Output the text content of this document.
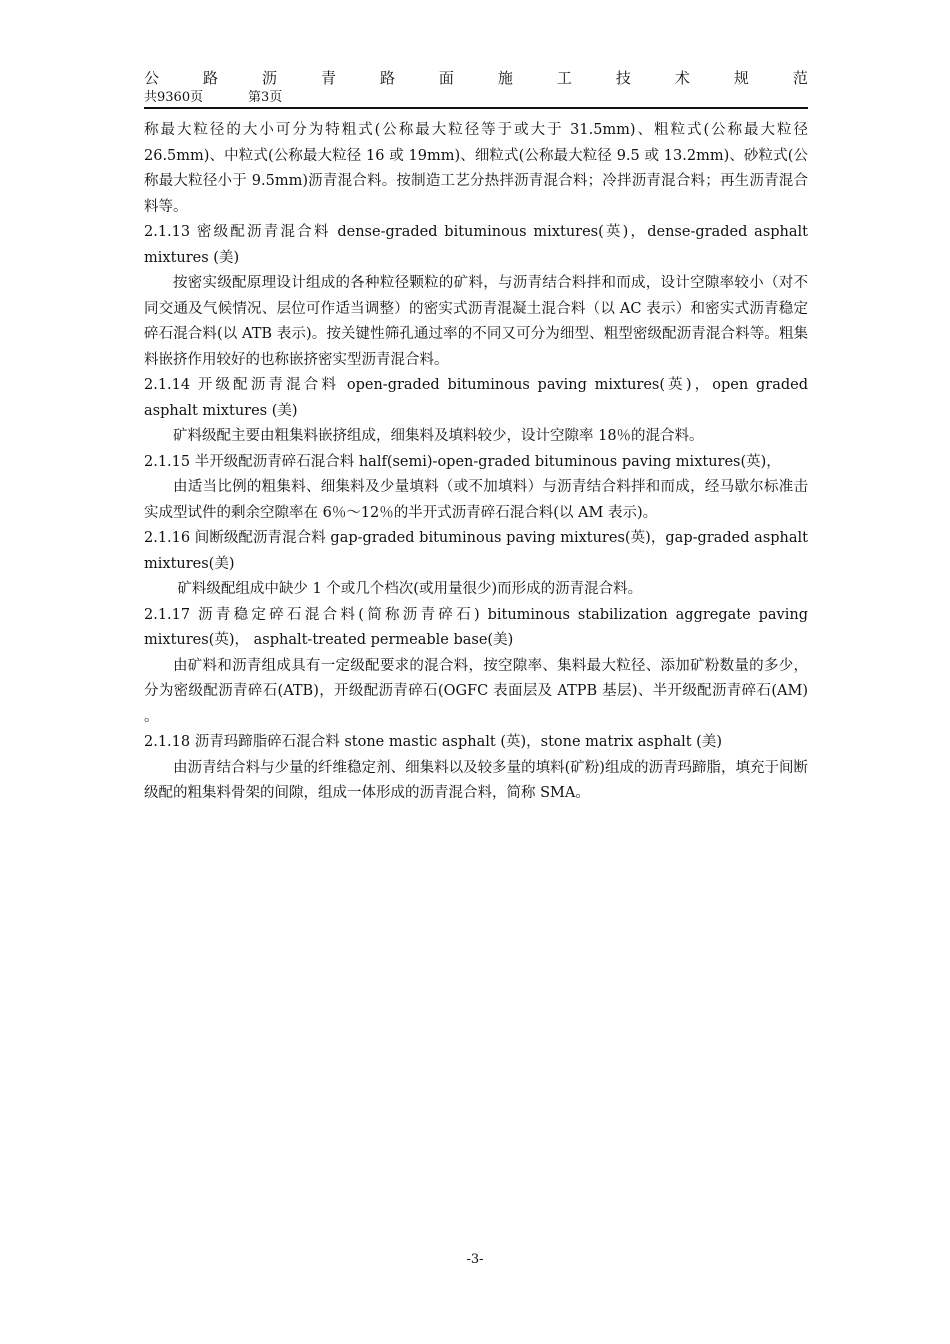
公	路	沥	青	路	面	施	工	技	术	规	范
共9360页	第3页

称最大粒径的大小可分为特粗式(公称最大粒径等于或大于 31.5mm)、粗粒式(公称最大粒径 26.5mm)、中粒式(公称最大粒径 16 或 19mm)、细粒式(公称最大粒径 9.5 或 13.2mm)、砂粒式(公称最大粒径小于 9.5mm)沥青混合料。按制造工艺分热拌沥青混合料；冷拌沥青混合料；再生沥青混合料等。

2.1.13 密级配沥青混合料 dense-graded bituminous mixtures(英)，dense-graded asphalt mixtures (美)

按密实级配原理设计组成的各种粒径颗粒的矿料，与沥青结合料拌和而成，设计空隙率较小（对不同交通及气候情况、层位可作适当调整）的密实式沥青混凝土混合料（以 AC 表示）和密实式沥青稳定碎石混合料(以 ATB 表示)。按关键性筛孔通过率的不同又可分为细型、粗型密级配沥青混合料等。粗集料嵌挤作用较好的也称嵌挤密实型沥青混合料。

2.1.14 开级配沥青混合料 open-graded bituminous paving mixtures(英)，open graded asphalt mixtures (美)

矿料级配主要由粗集料嵌挤组成，细集料及填料较少，设计空隙率 18％的混合料。

2.1.15 半开级配沥青碎石混合料 half(semi)-open-graded bituminous paving mixtures(英)，

由适当比例的粗集料、细集料及少量填料（或不加填料）与沥青结合料拌和而成，经马歇尔标准击实成型试件的剩余空隙率在 6％～12％的半开式沥青碎石混合料(以 AM 表示)。

2.1.16 间断级配沥青混合料 gap-graded bituminous paving mixtures(英)，gap-graded asphalt mixtures(美)

矿料级配组成中缺少 1 个或几个档次(或用量很少)而形成的沥青混合料。

2.1.17 沥青稳定碎石混合料(简称沥青碎石) bituminous stabilization aggregate paving mixtures(英)， asphalt-treated permeable base(美)

由矿料和沥青组成具有一定级配要求的混合料，按空隙率、集料最大粒径、添加矿粉数量的多少，分为密级配沥青碎石(ATB)，开级配沥青碎石(OGFC 表面层及 ATPB 基层)、半开级配沥青碎石(AM) 。

2.1.18 沥青玛蹄脂碎石混合料 stone mastic asphalt (英)，stone matrix asphalt (美)

由沥青结合料与少量的纤维稳定剂、细集料以及较多量的填料(矿粉)组成的沥青玛蹄脂，填充于间断级配的粗集料骨架的间隙，组成一体形成的沥青混合料，简称 SMA。

-3-
